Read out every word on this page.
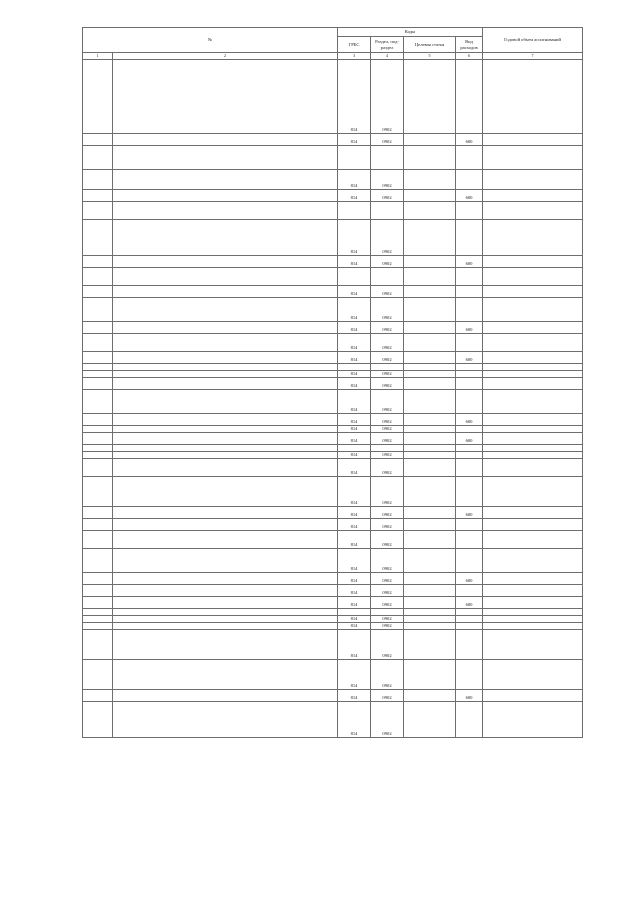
№		Коды				Годовой объем ассигнований
		ГРБС	Раздел, под-раздел	Целевая статья	Вид расходов	
1	2	3	4	5	6	7
		814	0902			
		814	0902		600	

		814	0902			
		814	0902		600	

		814	0902			
		814	0902		600	

		814	0902			
		814	0902			
		814	0902		600	
		814	0902			
		814	0902		600	

		814	0902			
		814	0902			
		814	0902			
		814	0902		600	
		814	0902			
		814	0902		600	

		814	0902			
		814	0902			
		814	0902			
		814	0902		600	
		814	0902			
		814	0902			
		814	0902			
		814	0902		600	
		814	0902			
		814	0902		600	

		814	0902			
		814	0902			
		814	0902			
		814	0902			
		814	0902		600	
		814	0902			
